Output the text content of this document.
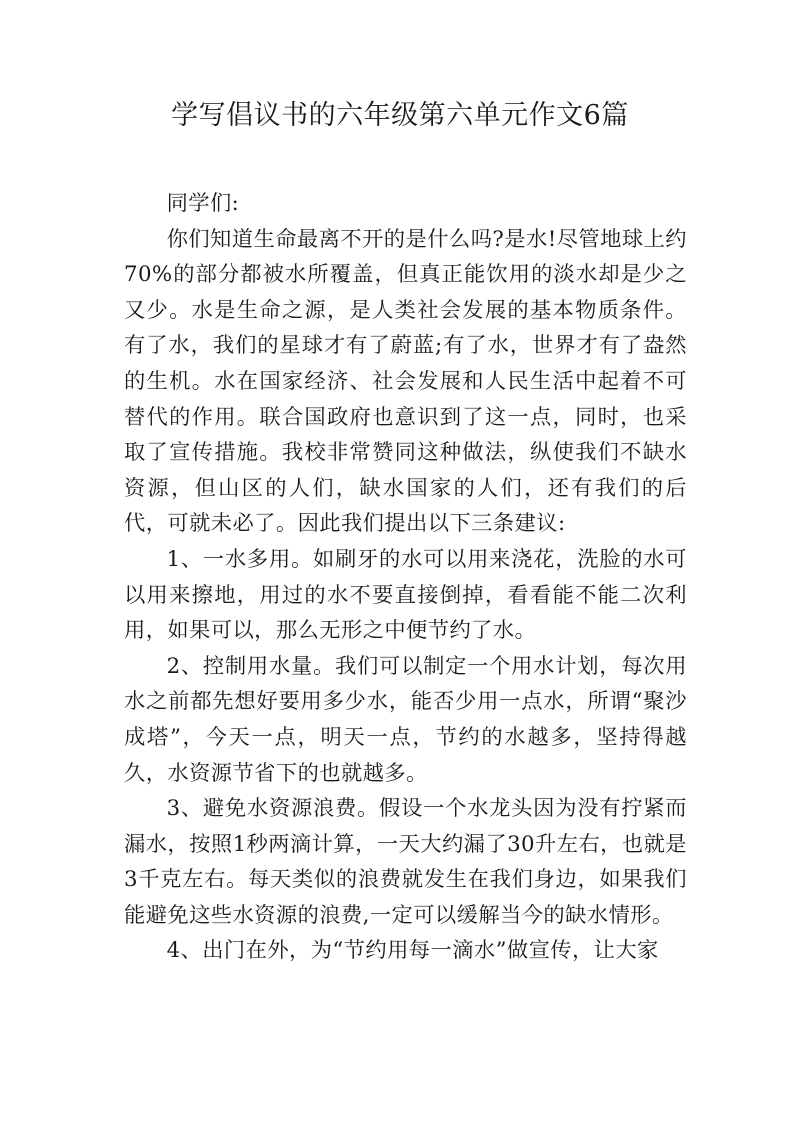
学写倡议书的六年级第六单元作文6篇

同学们:

你们知道生命最离不开的是什么吗?是水!尽管地球上约70%的部分都被水所覆盖，但真正能饮用的淡水却是少之又少。水是生命之源，是人类社会发展的基本物质条件。有了水，我们的星球才有了蔚蓝;有了水，世界才有了盎然的生机。水在国家经济、社会发展和人民生活中起着不可替代的作用。联合国政府也意识到了这一点，同时，也采取了宣传措施。我校非常赞同这种做法，纵使我们不缺水资源，但山区的人们，缺水国家的人们，还有我们的后代，可就未必了。因此我们提出以下三条建议:

1、一水多用。如刷牙的水可以用来浇花，洗脸的水可以用来擦地，用过的水不要直接倒掉，看看能不能二次利用，如果可以，那么无形之中便节约了水。

2、控制用水量。我们可以制定一个用水计划，每次用水之前都先想好要用多少水，能否少用一点水，所谓“聚沙成塔”，今天一点，明天一点，节约的水越多，坚持得越久，水资源节省下的也就越多。

3、避免水资源浪费。假设一个水龙头因为没有拧紧而漏水，按照1秒两滴计算，一天大约漏了30升左右，也就是3千克左右。每天类似的浪费就发生在我们身边，如果我们能避免这些水资源的浪费,一定可以缓解当今的缺水情形。

4、出门在外，为“节约用每一滴水”做宣传，让大家
